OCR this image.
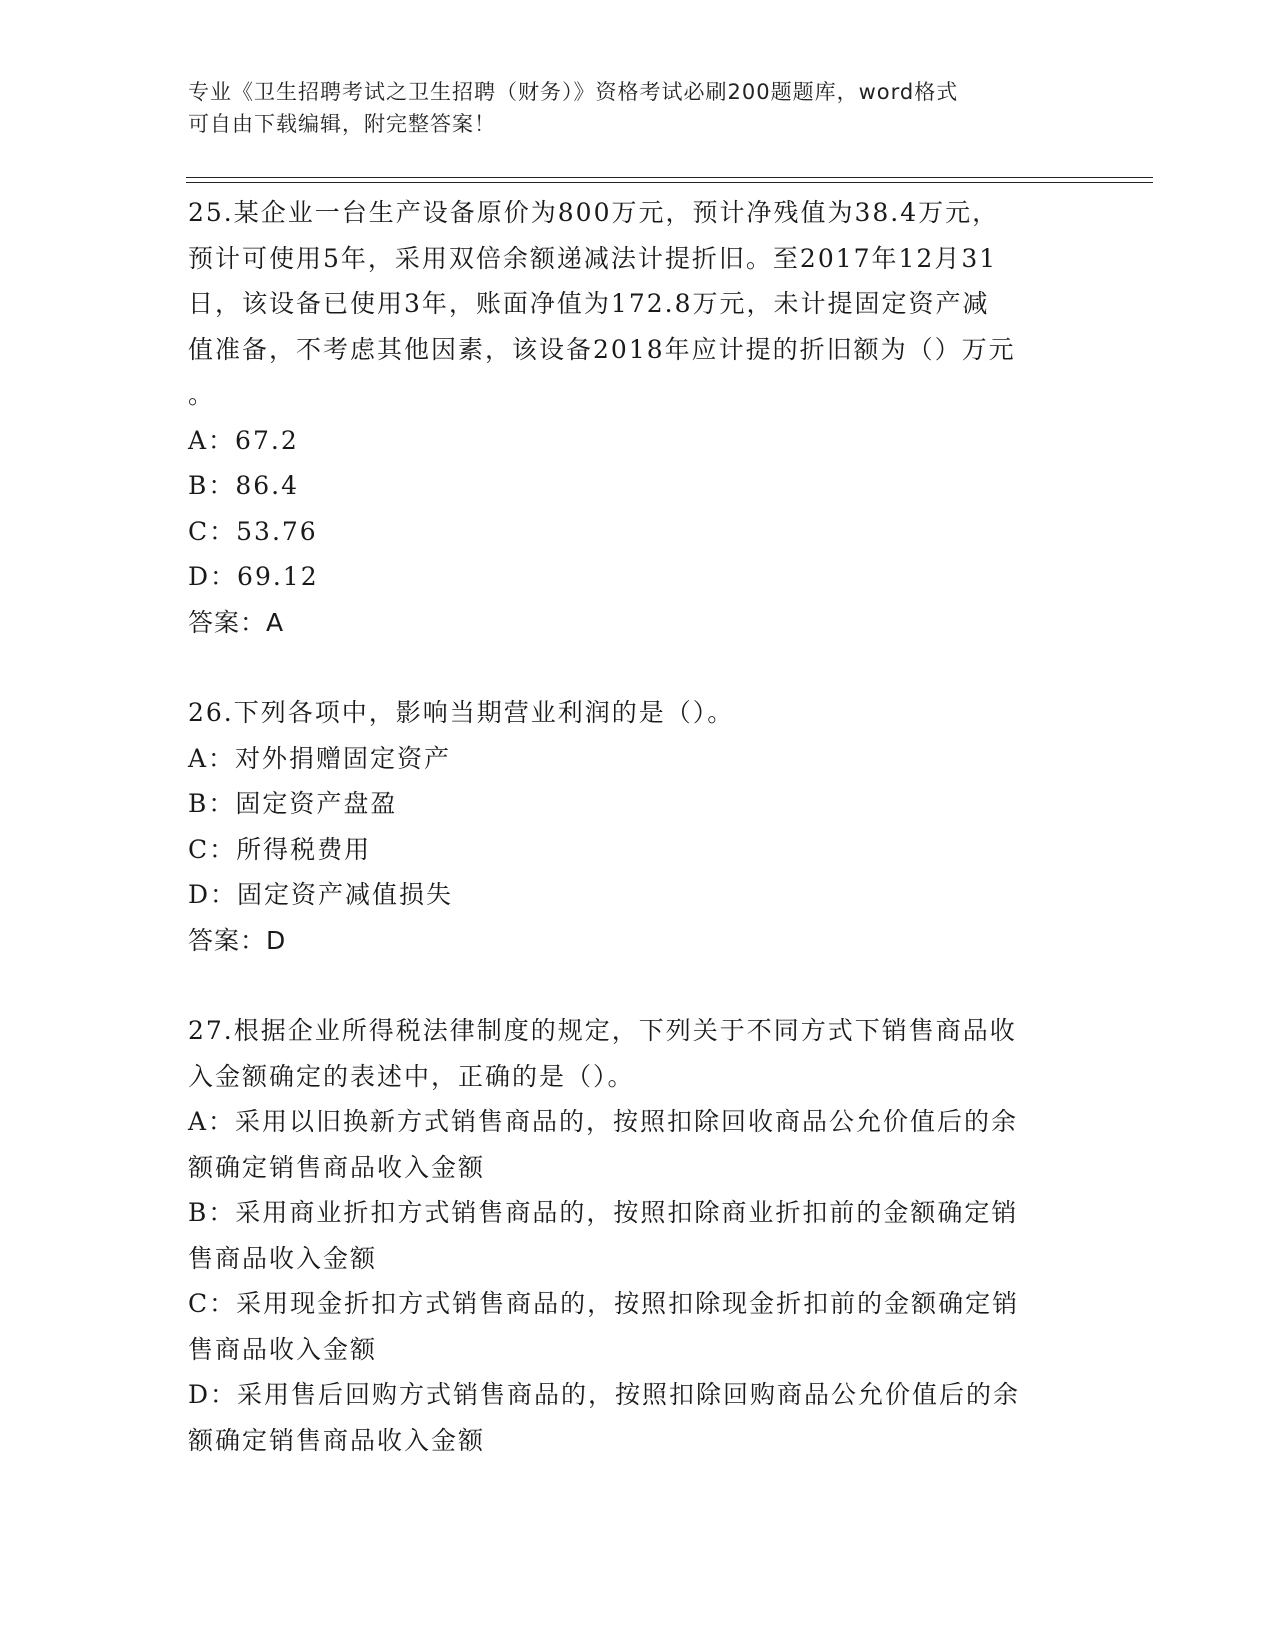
专业《卫生招聘考试之卫生招聘（财务）》资格考试必刷200题题库，word格式
可自由下载编辑，附完整答案！
25.某企业一台生产设备原价为800万元，预计净残值为38.4万元，
预计可使用5年，采用双倍余额递减法计提折旧。至2017年12月31
日，该设备已使用3年，账面净值为172.8万元，未计提固定资产减
值准备，不考虑其他因素，该设备2018年应计提的折旧额为（）万元
。
A：67.2
B：86.4
C：53.76
D：69.12
答案：A
26.下列各项中，影响当期营业利润的是（）。
A：对外捐赠固定资产
B：固定资产盘盈
C：所得税费用
D：固定资产减值损失
答案：D
27.根据企业所得税法律制度的规定，下列关于不同方式下销售商品收
入金额确定的表述中，正确的是（）。
A：采用以旧换新方式销售商品的，按照扣除回收商品公允价值后的余
额确定销售商品收入金额
B：采用商业折扣方式销售商品的，按照扣除商业折扣前的金额确定销
售商品收入金额
C：采用现金折扣方式销售商品的，按照扣除现金折扣前的金额确定销
售商品收入金额
D：采用售后回购方式销售商品的，按照扣除回购商品公允价值后的余
额确定销售商品收入金额
